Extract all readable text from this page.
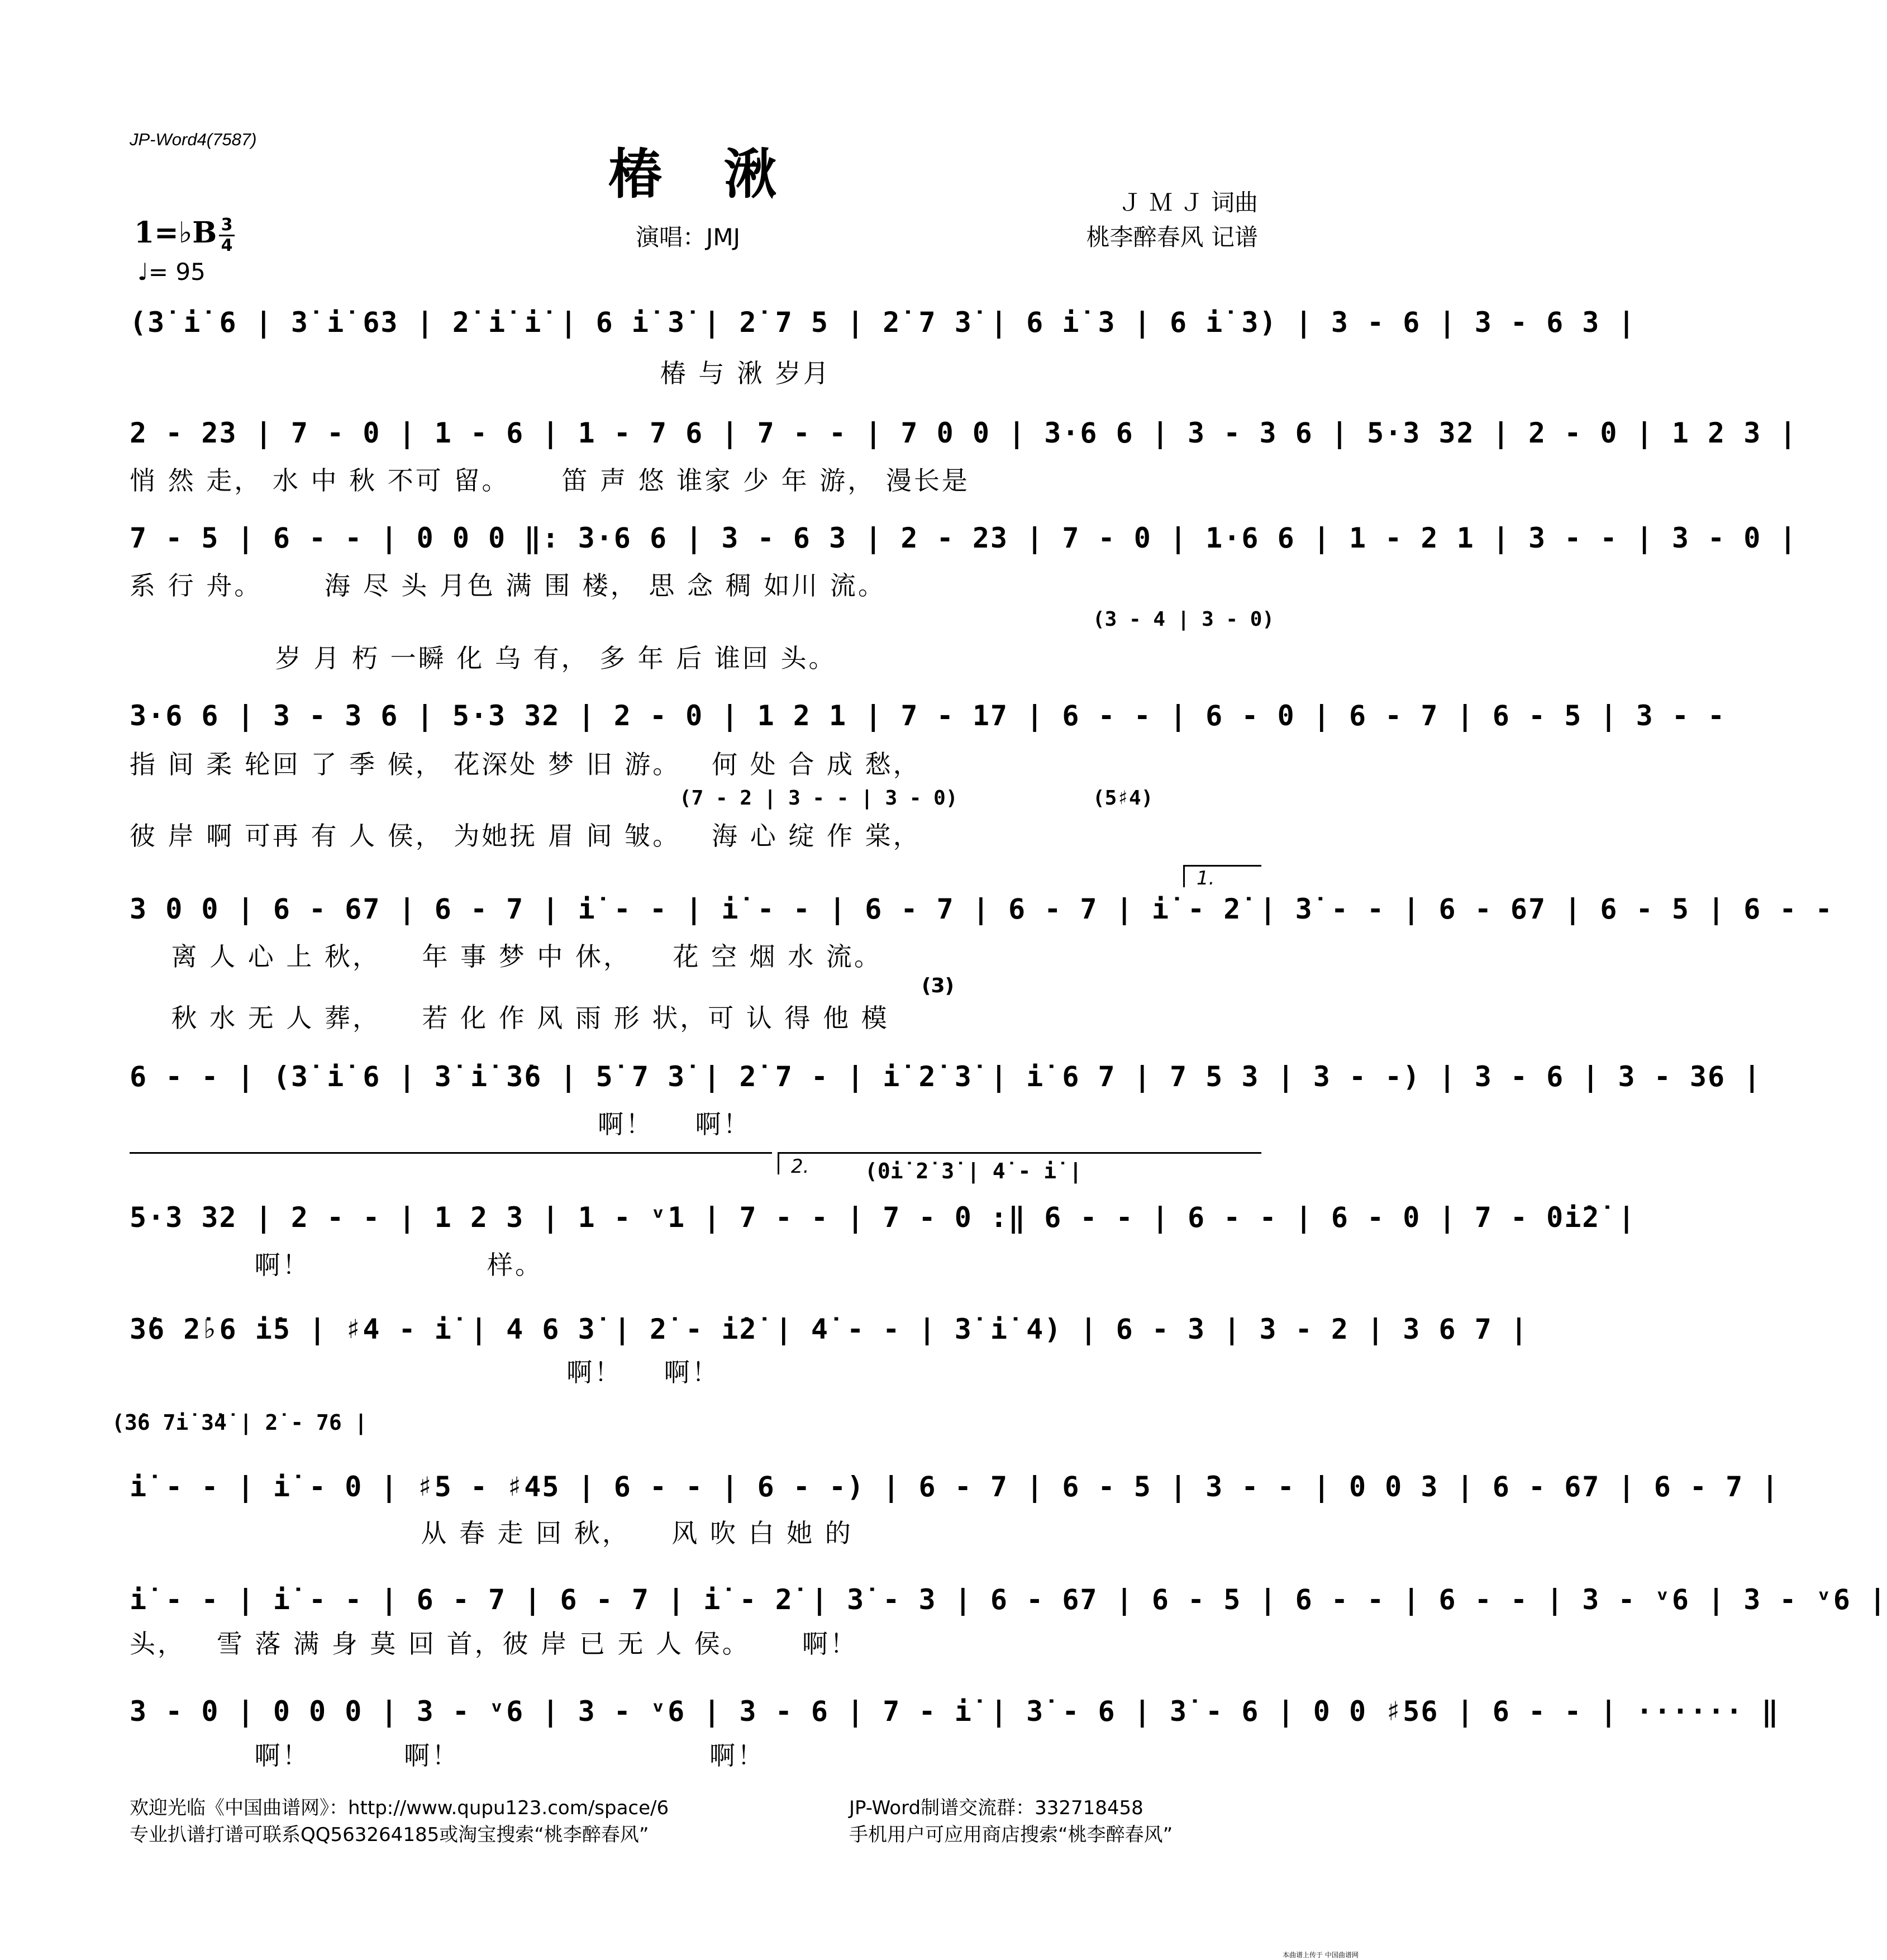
JP-Word4(7587)
椿湫	Ｊ Ｍ Ｊ 词曲
桃李醉春风 记谱
演唱：JMJ
1=♭B 3
4
♩= 95
(3̇ i̇ 6 | 3̇ i̇ 63 | 2̇ i̇ i̇ | 6 i̇ 3̇ | 2̇ 7 5 | 2̇ 7 3̇ | 6 i̇ 3 | 6 i̇ 3) | 3 - 6 | 3 - 6 3 |
椿 与 湫 岁月
2 - 23 | 7 - 0 | 1 - 6 | 1 - 7 6 | 7 - - | 7 0 0 | 3·6 6 | 3 - 3 6 | 5·3 32 | 2 - 0 | 1 2 3 |
悄 然 走， 水 中 秋 不可 留。     笛 声 悠 谁家 少 年 游， 漫长是
7 - 5 | 6 - - | 0 0 0 ‖: 3·6 6 | 3 - 6 3 | 2 - 23 | 7 - 0 | 1·6 6 | 1 - 2 1 | 3 - - | 3 - 0 |
系 行 舟。      海 尽 头 月色 满 围 楼， 思 念 稠 如川 流。
(3 - 4 | 3 - 0)
岁 月 朽 一瞬 化 乌 有， 多 年 后 谁回 头。
3·6 6 | 3 - 3 6 | 5·3 32 | 2 - 0 | 1 2 1 | 7 - 17 | 6 - - | 6 - 0 | 6 - 7 | 6 - 5 | 3 - -
指 间 柔 轮回 了 季 候， 花深处 梦 旧 游。   何 处 合 成 愁，
(7 - 2 | 3 - - | 3 - 0)	(5♯4)
彼 岸 啊 可再 有 人 侯， 为她抚 眉 间 皱。   海 心 绽 作 棠，
1.
3 0 0 | 6 - 67 | 6 - 7 | i̇ - - | i̇ - - | 6 - 7 | 6 - 7 | i̇ - 2̇ | 3̇ - - | 6 - 67 | 6 - 5 | 6 - -
离 人 心 上 秋，    年 事 梦 中 休，    花 空 烟 水 流。
(3)
秋 水 无 人 葬，    若 化 作 风 雨 形 状，可 认 得 他 模
6 - - | (3̇ i̇ 6 | 3̇ i̇ 3̇6 | 5̇ 7 3̇ | 2̇ 7 - | i̇ 2̇ 3̇ | i̇ 6 7 | 7 5 3 | 3 - -) | 3 - 6 | 3 - 36 |
啊！    啊！
2.	(0i̇ 2̇ 3̇ | 4̇ - i̇ |
5·3 32 | 2 - - | 1 2 3 | 1 - ᵛ1 | 7 - - | 7 - 0 :‖ 6 - - | 6 - - | 6 - 0 | 7 - 0i̇2̇ |
啊！                 样。
3̇6 2̇♭6 i̇5 | ♯4 - i̇ | 4 6 3̇ | 2̇ - i̇2̇ | 4̇ - - | 3̇ i̇ 4) | 6 - 3 | 3 - 2 | 3 6 7 |
啊！    啊！
(3̇6 7i̇ 3̇4̇ | 2̇ - 76 |
i̇ - - | i̇ - 0 | ♯5 - ♯45 | 6 - - | 6 - -) | 6 - 7 | 6 - 5 | 3 - - | 0 0 3 | 6 - 67 | 6 - 7 |
从 春 走 回 秋，    风 吹 白 她 的
i̇ - - | i̇ - - | 6 - 7 | 6 - 7 | i̇ - 2̇ | 3̇ - 3 | 6 - 67 | 6 - 5 | 6 - - | 6 - - | 3 - ᵛ6 | 3 - ᵛ6 |
头，   雪 落 满 身 莫 回 首，彼 岸 已 无 人 侯。     啊！
3 - 0 | 0 0 0 | 3 - ᵛ6 | 3 - ᵛ6 | 3 - 6 | 7 - i̇ | 3̇ - 6 | 3̇ - 6 | 0 0 ♯56 | 6 - - | ······ ‖
啊！         啊！                        啊！
欢迎光临《中国曲谱网》：http://www.qupu123.com/space/6
专业扒谱打谱可联系QQ563264185或淘宝搜索“桃李醉春风”
JP-Word制谱交流群：332718458
手机用户可应用商店搜索“桃李醉春风”
本曲谱上传于 中国曲谱网
